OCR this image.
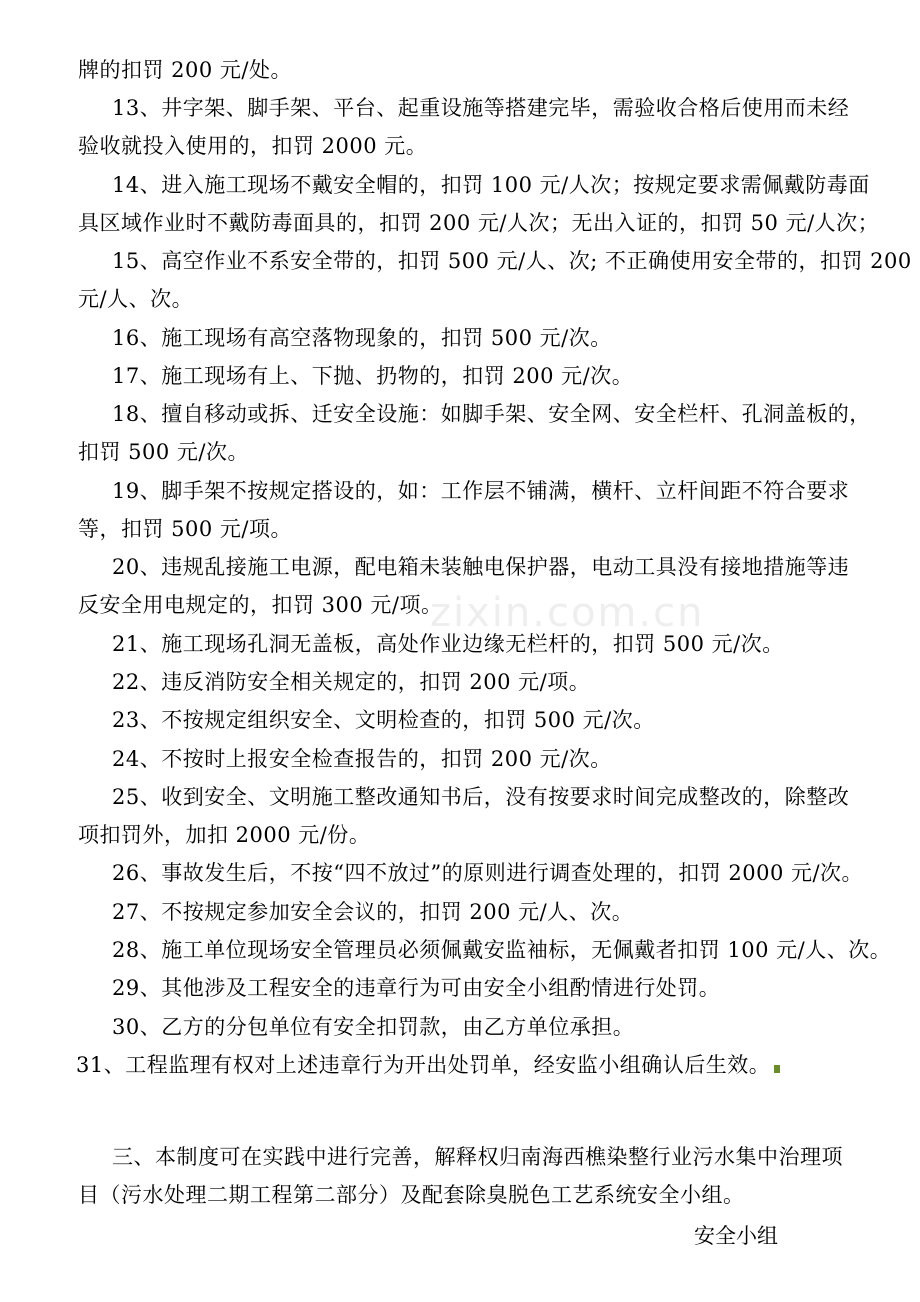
zixin.com.cn
牌的扣罚 200 元/处。
13、井字架、脚手架、平台、起重设施等搭建完毕，需验收合格后使用而未经
验收就投入使用的，扣罚 2000 元。
14、进入施工现场不戴安全帽的，扣罚 100 元/人次；按规定要求需佩戴防毒面
具区域作业时不戴防毒面具的，扣罚 200 元/人次；无出入证的，扣罚 50 元/人次；
15、高空作业不系安全带的，扣罚 500 元/人、次; 不正确使用安全带的，扣罚 200
元/人、次。
16、施工现场有高空落物现象的，扣罚 500 元/次。
17、施工现场有上、下抛、扔物的，扣罚 200 元/次。
18、擅自移动或拆、迁安全设施：如脚手架、安全网、安全栏杆、孔洞盖板的，
扣罚 500 元/次。
19、脚手架不按规定搭设的，如：工作层不铺满，横杆、立杆间距不符合要求
等，扣罚 500 元/项。
20、违规乱接施工电源，配电箱未装触电保护器，电动工具没有接地措施等违
反安全用电规定的，扣罚 300 元/项。
21、施工现场孔洞无盖板，高处作业边缘无栏杆的，扣罚 500 元/次。
22、违反消防安全相关规定的，扣罚 200 元/项。
23、不按规定组织安全、文明检查的，扣罚 500 元/次。
24、不按时上报安全检查报告的，扣罚 200 元/次。
25、收到安全、文明施工整改通知书后，没有按要求时间完成整改的，除整改
项扣罚外，加扣 2000 元/份。
26、事故发生后，不按“四不放过”的原则进行调查处理的，扣罚 2000 元/次。
27、不按规定参加安全会议的，扣罚 200 元/人、次。
28、施工单位现场安全管理员必须佩戴安监袖标，无佩戴者扣罚 100 元/人、次。
29、其他涉及工程安全的违章行为可由安全小组酌情进行处罚。
30、乙方的分包单位有安全扣罚款，由乙方单位承担。
31、工程监理有权对上述违章行为开出处罚单，经安监小组确认后生效。
三、本制度可在实践中进行完善，解释权归南海西樵染整行业污水集中治理项
目（污水处理二期工程第二部分）及配套除臭脱色工艺系统安全小组。
安全小组
